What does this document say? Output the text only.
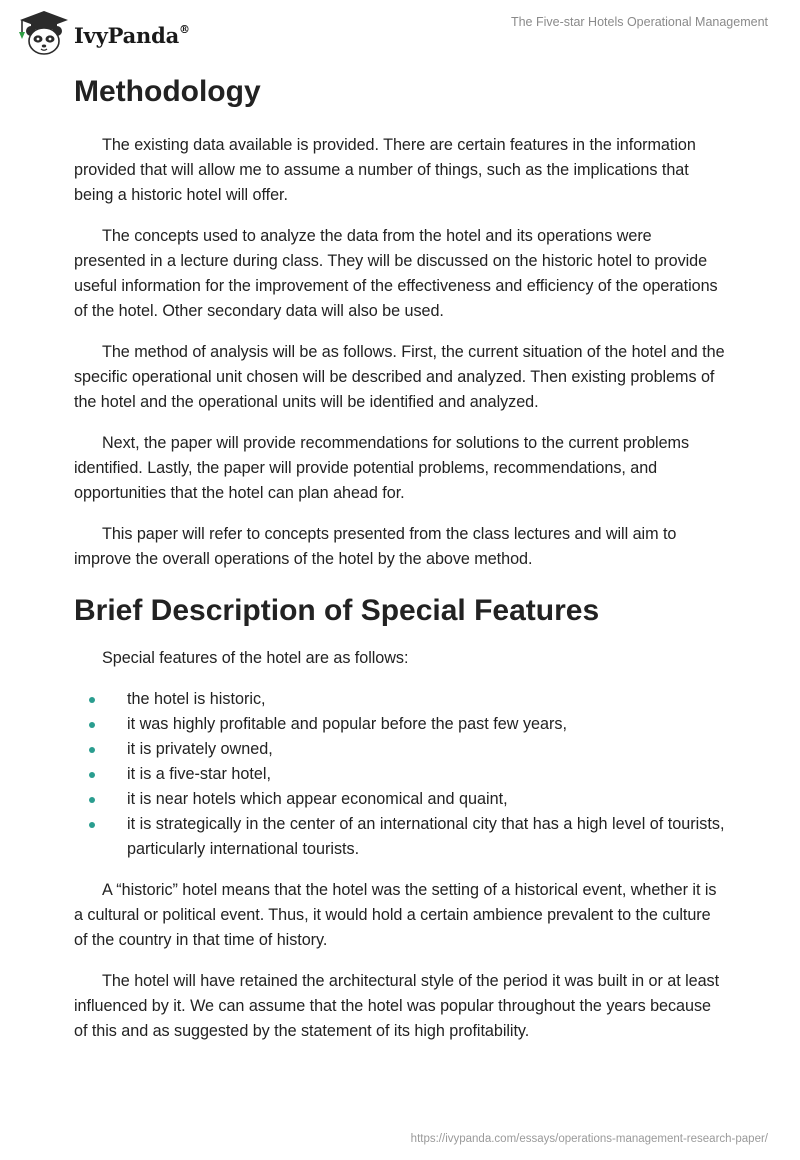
IvyPanda®	The Five-star Hotels Operational Management
Methodology

The existing data available is provided. There are certain features in the information provided that will allow me to assume a number of things, such as the implications that being a historic hotel will offer.

The concepts used to analyze the data from the hotel and its operations were presented in a lecture during class. They will be discussed on the historic hotel to provide useful information for the improvement of the effectiveness and efficiency of the operations of the hotel. Other secondary data will also be used.

The method of analysis will be as follows. First, the current situation of the hotel and the specific operational unit chosen will be described and analyzed. Then existing problems of the hotel and the operational units will be identified and analyzed.

Next, the paper will provide recommendations for solutions to the current problems identified. Lastly, the paper will provide potential problems, recommendations, and opportunities that the hotel can plan ahead for.

This paper will refer to concepts presented from the class lectures and will aim to improve the overall operations of the hotel by the above method.

Brief Description of Special Features

Special features of the hotel are as follows:

the hotel is historic,
it was highly profitable and popular before the past few years,
it is privately owned,
it is a five-star hotel,
it is near hotels which appear economical and quaint,
it is strategically in the center of an international city that has a high level of tourists, particularly international tourists.

A “historic” hotel means that the hotel was the setting of a historical event, whether it is a cultural or political event. Thus, it would hold a certain ambience prevalent to the culture of the country in that time of history.

The hotel will have retained the architectural style of the period it was built in or at least influenced by it. We can assume that the hotel was popular throughout the years because of this and as suggested by the statement of its high profitability.

https://ivypanda.com/essays/operations-management-research-paper/
